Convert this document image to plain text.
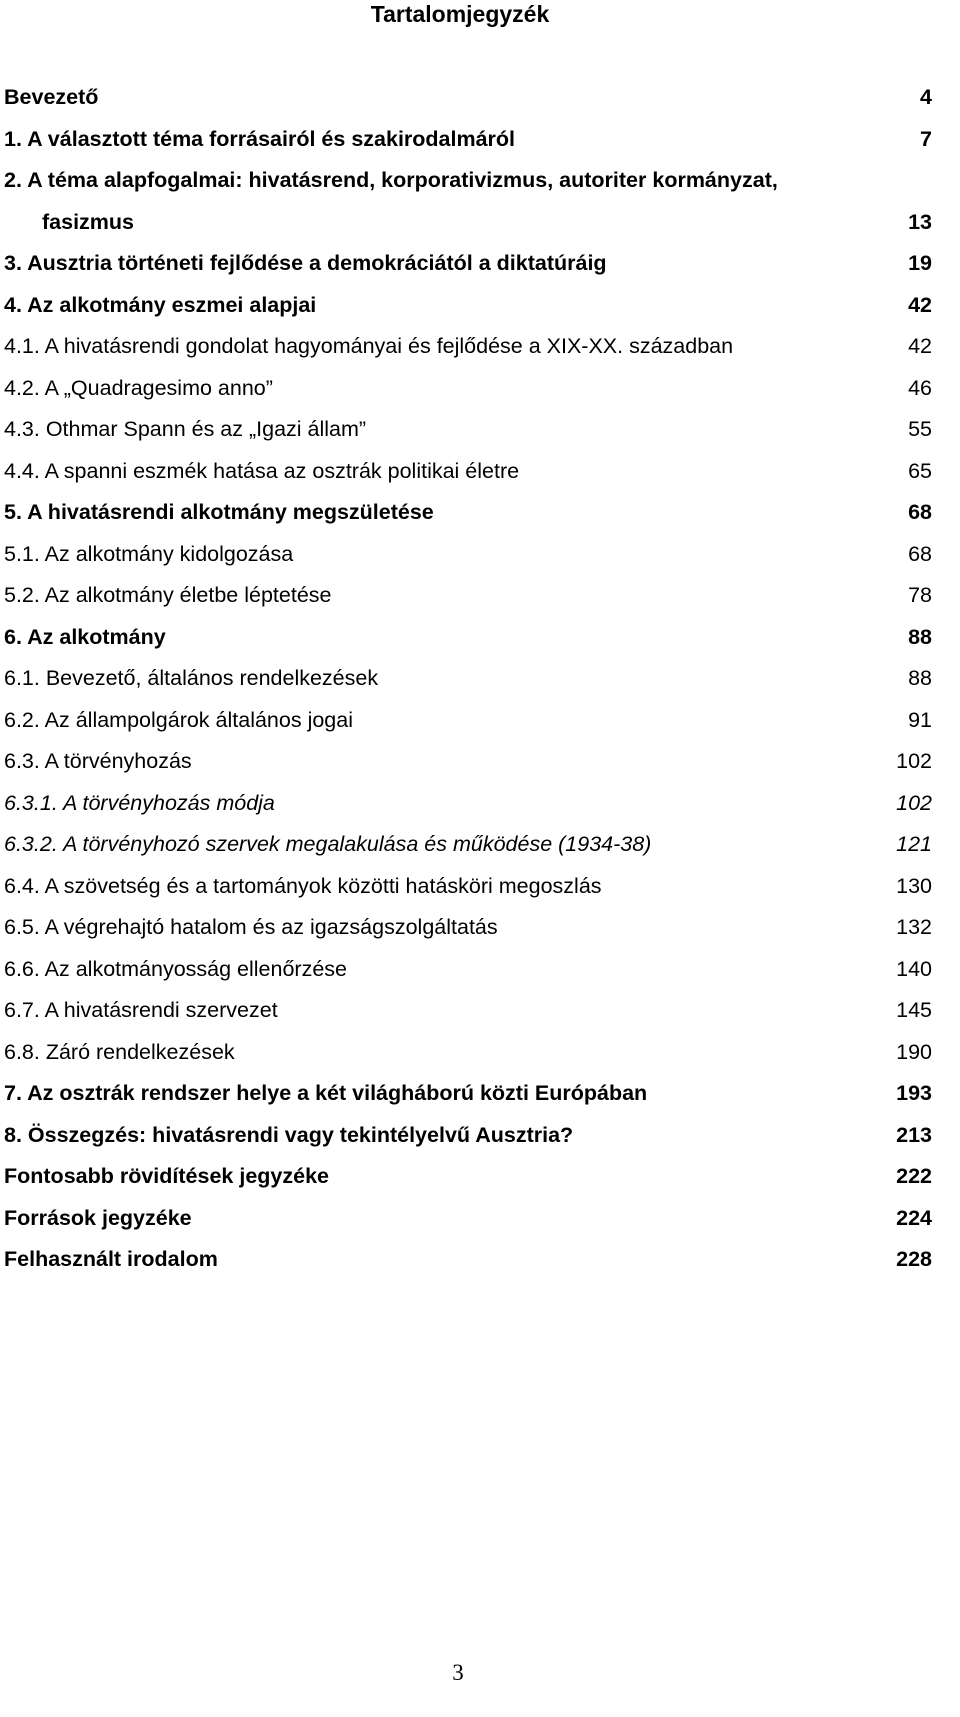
Tartalomjegyzék
Bevezető	4
1. A választott téma forrásairól és szakirodalmáról	7
2. A téma alapfogalmai: hivatásrend, korporativizmus, autoriter kormányzat,
fasizmus	13
3. Ausztria történeti fejlődése a demokráciától a diktatúráig	19
4. Az alkotmány eszmei alapjai	42
4.1. A hivatásrendi gondolat hagyományai és fejlődése a XIX-XX. században	42
4.2. A „Quadragesimo anno”	46
4.3. Othmar Spann és az „Igazi állam”	55
4.4. A spanni eszmék hatása az osztrák politikai életre	65
5. A hivatásrendi alkotmány megszületése	68
5.1. Az alkotmány kidolgozása	68
5.2. Az alkotmány életbe léptetése	78
6. Az alkotmány	88
6.1. Bevezető, általános rendelkezések	88
6.2. Az állampolgárok általános jogai	91
6.3. A törvényhozás	102
6.3.1. A törvényhozás módja	102
6.3.2. A törvényhozó szervek megalakulása és működése (1934-38)	121
6.4. A szövetség és a tartományok közötti hatásköri megoszlás	130
6.5. A végrehajtó hatalom és az igazságszolgáltatás	132
6.6. Az alkotmányosság ellenőrzése	140
6.7. A hivatásrendi szervezet	145
6.8. Záró rendelkezések	190
7. Az osztrák rendszer helye a két világháború közti Európában	193
8. Összegzés: hivatásrendi vagy tekintélyelvű Ausztria?	213
Fontosabb rövidítések jegyzéke	222
Források jegyzéke	224
Felhasznált irodalom	228
3
